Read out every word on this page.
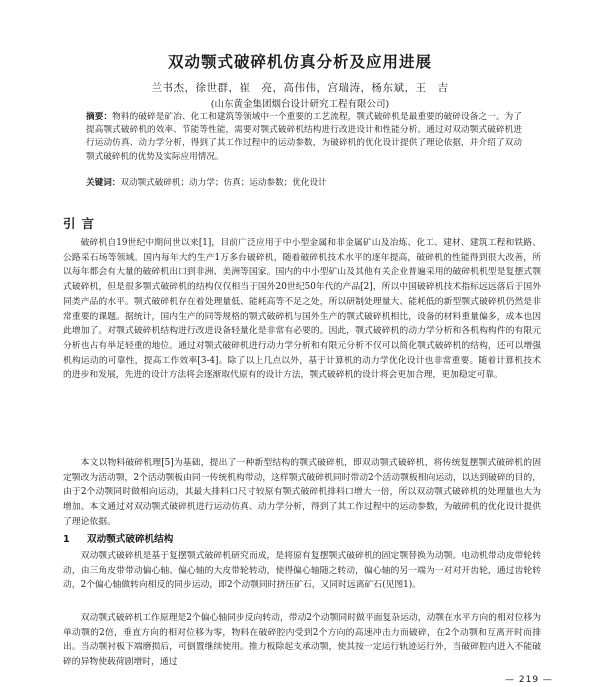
双动颚式破碎机仿真分析及应用进展
兰书杰，徐世群，崔　亮，高伟伟，宫瑞涛，杨东斌，王　吉
(山东黄金集团烟台设计研究工程有限公司)
摘要：物料的破碎是矿冶、化工和建筑等领域中一个重要的工艺流程，颚式破碎机是最重要的破碎设备之一。为了提高颚式破碎机的效率、节能等性能，需要对颚式破碎机结构进行改进设计和性能分析。通过对双动颚式破碎机进行运动仿真、动力学分析，得到了其工作过程中的运动参数，为破碎机的优化设计提供了理论依据，并介绍了双动颚式破碎机的优势及实际应用情况。
关键词：双动颚式破碎机；动力学；仿真；运动参数；优化设计
引言

破碎机自19世纪中期问世以来[1]，目前广泛应用于中小型金属和非金属矿山及冶炼、化工、建材、建筑工程和铁路、公路采石场等领域。国内每年大约生产1万多台破碎机，随着破碎机技术水平的逐年提高，破碎机的性能得到很大改善，所以每年都会有大量的破碎机出口到非洲、美洲等国家。国内的中小型矿山及其他有关企业普遍采用的破碎机机型是复摆式颚式破碎机，但是很多颚式破碎机的结构仅仅相当于国外20世纪50年代的产品[2]，所以中国破碎机技术指标远远落后于国外同类产品的水平。颚式破碎机存在着处理量低、能耗高等不足之处，所以研制处理量大、能耗低的新型颚式破碎机仍然是非常重要的课题。据统计，国内生产的同等规格的颚式破碎机与国外生产的颚式破碎机相比，设备的材料重量偏多，成本也因此增加了。对颚式破碎机结构进行改进设备轻量化是非常有必要的。因此，颚式破碎机的动力学分析和各机构构件的有限元分析也占有举足轻重的地位。通过对颚式破碎机进行动力学分析和有限元分析不仅可以简化颚式破碎机的结构，还可以增强机构运动的可靠性，提高工作效率[3-4]。除了以上几点以外，基于计算机的动力学优化设计也非常重要。随着计算机技术的进步和发展，先进的设计方法将会逐渐取代原有的设计方法，颚式破碎机的设计将会更加合理，更加稳定可靠。

本文以物料破碎机理[5]为基础，提出了一种新型结构的颚式破碎机，即双动颚式破碎机，将传统复摆颚式破碎机的固定颚改为活动颚，2个活动颚板由同一传统机构带动，这样颚式破碎机同时带动2个活动颚板相向运动，以达到破碎的目的，由于2个动颚同时做相向运动，其最大排料口尺寸较原有颚式破碎机排料口增大一倍，所以双动颚式破碎机的处理量也大为增加。本文通过对双动颚式破碎机进行运动仿真、动力学分析，得到了其工作过程中的运动参数，为破碎机的优化设计提供了理论依据。

1 双动颚式破碎机结构

双动颚式破碎机是基于复摆颚式破碎机研究而成，是将原有复摆颚式破碎机的固定颚替换为动颚。电动机带动皮带轮转动，由三角皮带带动偏心轴、偏心轴的大皮带轮转动，使得偏心轴随之转动，偏心轴的另一端为一对对开齿轮，通过齿轮转动，2个偏心轴做转向相反的同步运动，即2个动颚同时挤压矿石，又同时远离矿石(见图1)。

双动颚式破碎机工作原理是2个偏心轴同步反向转动，带动2个动颚同时做平面复杂运动，动颚在水平方向的相对位移为单动颚的2倍，垂直方向的相对位移为零，物料在破碎腔内受到2个方向的高速冲击力而破碎，在2个动颚和互离开时而排出。当动颚衬板下端磨损后，可倒置继续使用。推力板除起支承动颚，使其按一定运行轨迹运行外，当破碎腔内进入不能破碎的异物使载荷剧增时，通过

— 219 —
